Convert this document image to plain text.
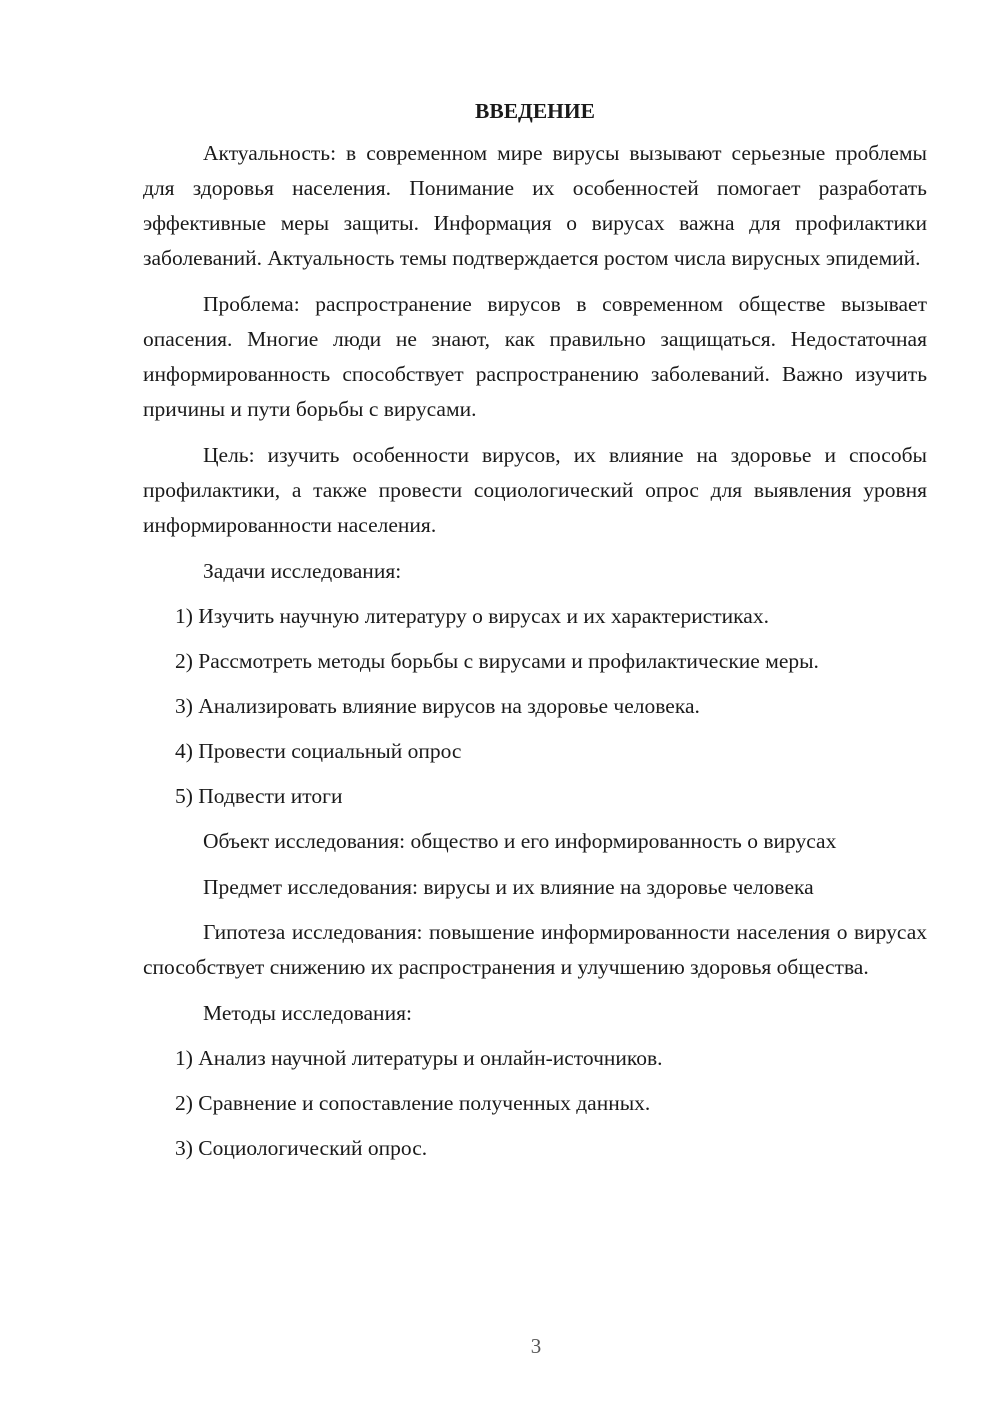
ВВЕДЕНИЕ

Актуальность: в современном мире вирусы вызывают серьезные проблемы для здоровья населения. Понимание их особенностей помогает разработать эффективные меры защиты. Информация о вирусах важна для профилактики заболеваний. Актуальность темы подтверждается ростом числа вирусных эпидемий.

Проблема: распространение вирусов в современном обществе вызывает опасения. Многие люди не знают, как правильно защищаться. Недостаточная информированность способствует распространению заболеваний. Важно изучить причины и пути борьбы с вирусами.

Цель: изучить особенности вирусов, их влияние на здоровье и способы профилактики, а также провести социологический опрос для выявления уровня информированности населения.

Задачи исследования:

1) Изучить научную литературу о вирусах и их характеристиках.
2) Рассмотреть методы борьбы с вирусами и профилактические меры.
3) Анализировать влияние вирусов на здоровье человека.
4) Провести социальный опрос
5) Подвести итоги

Объект исследования: общество и его информированность о вирусах

Предмет исследования: вирусы и их влияние на здоровье человека

Гипотеза исследования: повышение информированности населения о вирусах способствует снижению их распространения и улучшению здоровья общества.

Методы исследования:

1) Анализ научной литературы и онлайн-источников.
2) Сравнение и сопоставление полученных данных.
3) Социологический опрос.
3
